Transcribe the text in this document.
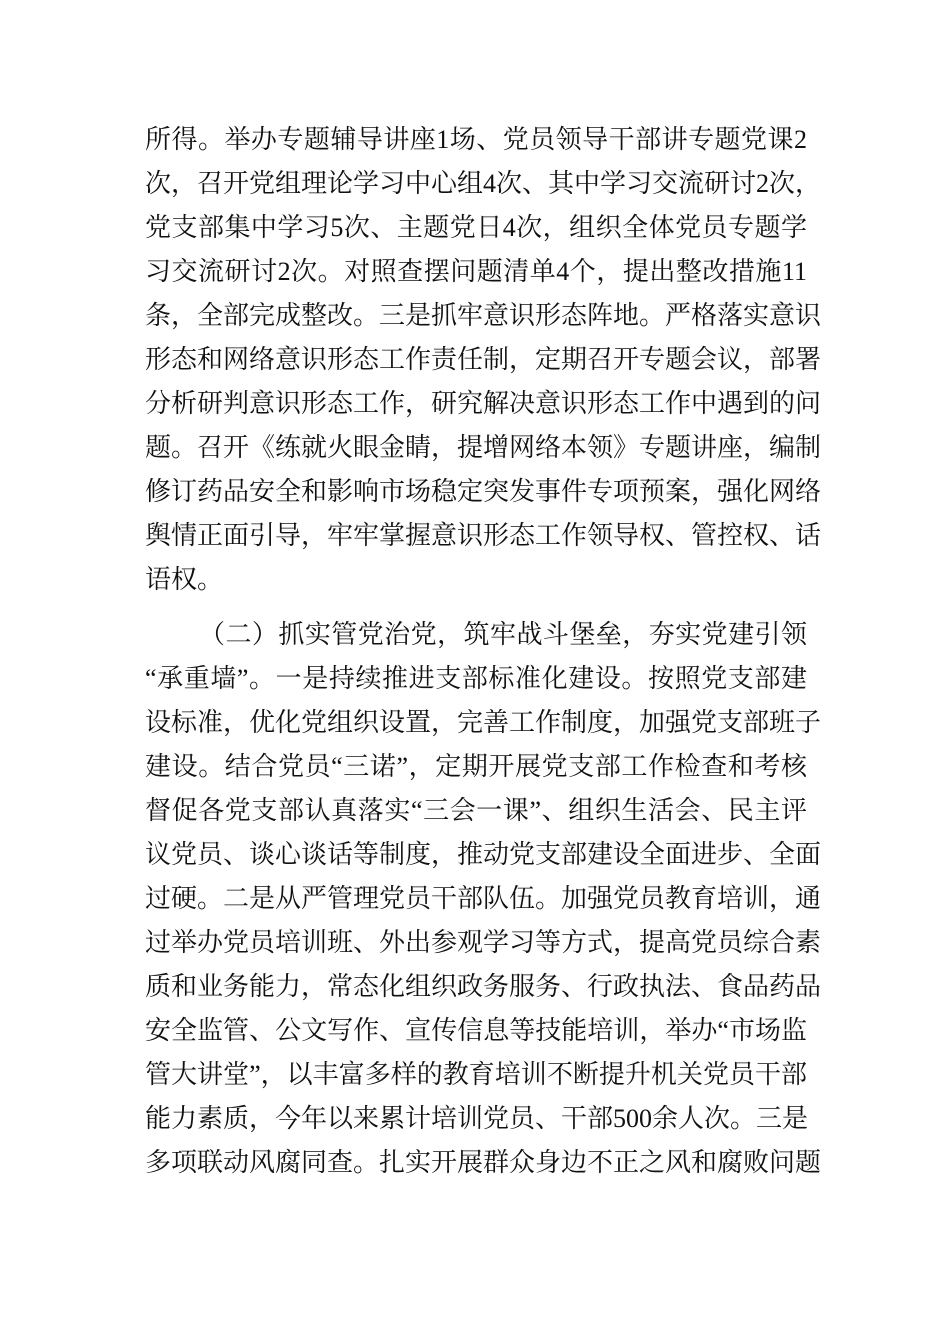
所得。举办专题辅导讲座1场、党员领导干部讲专题党课2
次，召开党组理论学习中心组4次、其中学习交流研讨2次，
党支部集中学习5次、主题党日4次，组织全体党员专题学
习交流研讨2次。对照查摆问题清单4个，提出整改措施11
条，全部完成整改。三是抓牢意识形态阵地。严格落实意识
形态和网络意识形态工作责任制，定期召开专题会议，部署
分析研判意识形态工作，研究解决意识形态工作中遇到的问
题。召开《练就火眼金睛，提增网络本领》专题讲座，编制
修订药品安全和影响市场稳定突发事件专项预案，强化网络
舆情正面引导，牢牢掌握意识形态工作领导权、管控权、话
语权。
（二）抓实管党治党，筑牢战斗堡垒，夯实党建引领
“承重墙”。一是持续推进支部标准化建设。按照党支部建
设标准，优化党组织设置，完善工作制度，加强党支部班子
建设。结合党员“三诺”，定期开展党支部工作检查和考核
督促各党支部认真落实“三会一课”、组织生活会、民主评
议党员、谈心谈话等制度，推动党支部建设全面进步、全面
过硬。二是从严管理党员干部队伍。加强党员教育培训，通
过举办党员培训班、外出参观学习等方式，提高党员综合素
质和业务能力，常态化组织政务服务、行政执法、食品药品
安全监管、公文写作、宣传信息等技能培训，举办“市场监
管大讲堂”，以丰富多样的教育培训不断提升机关党员干部
能力素质，今年以来累计培训党员、干部500余人次。三是
多项联动风腐同查。扎实开展群众身边不正之风和腐败问题
